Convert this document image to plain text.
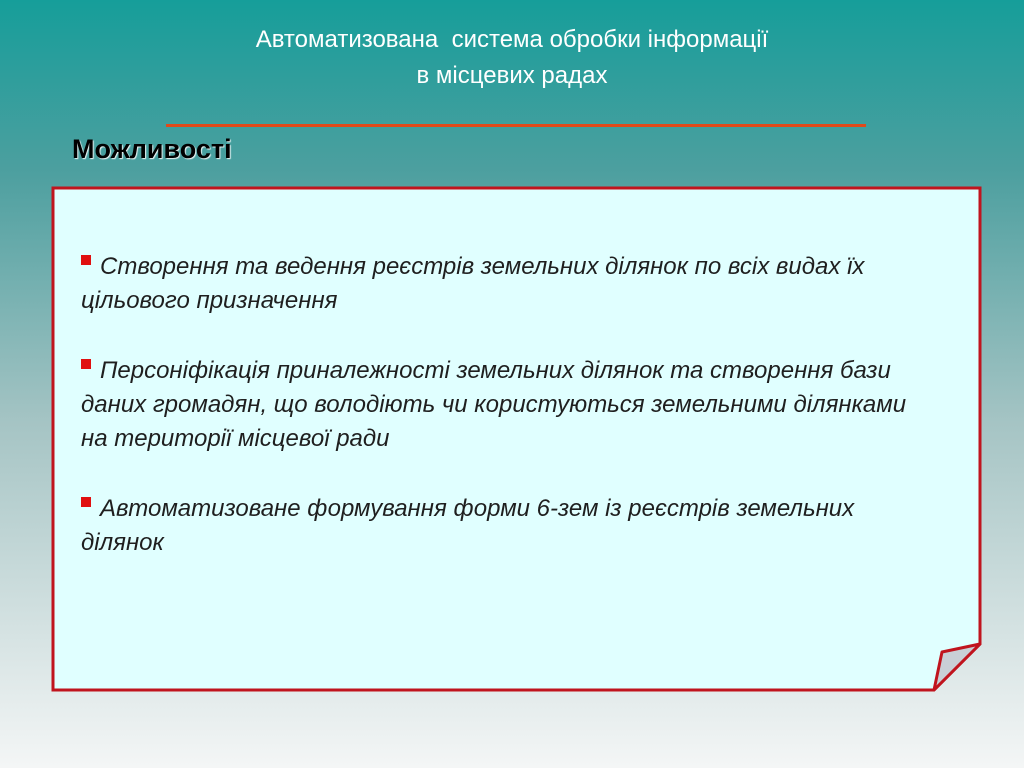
Автоматизована  система обробки інформації
в місцевих радах
Можливості
Створення та ведення реєстрів земельних ділянок по всіх видах їх цільового призначення
Персоніфікація приналежності земельних ділянок та створення бази даних громадян, що володіють чи користуються земельними ділянками на території місцевої ради
Автоматизоване формування форми 6-зем із реєстрів земельних ділянок
